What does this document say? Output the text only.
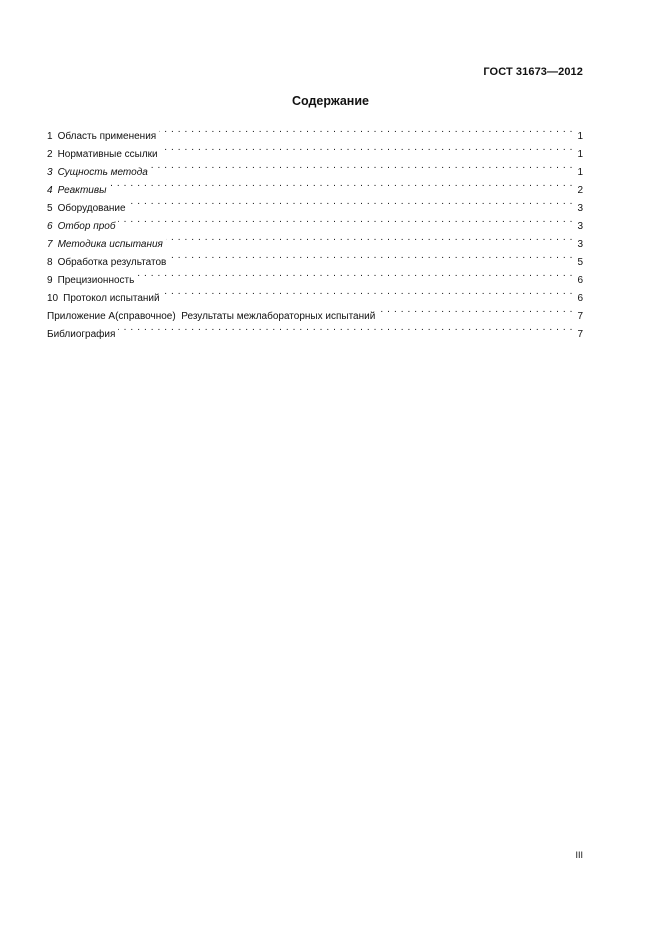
ГОСТ 31673—2012
Содержание
1 Область применения . . .	1
2 Нормативные ссылки . . .	1
3 Сущность метода . . .	1
4 Реактивы . . .	2
5 Оборудование . . .	3
6 Отбор проб . . .	3
7 Методика испытания . . .	3
8 Обработка результатов . . .	5
9 Прецизионность . . .	6
10 Протокол испытаний . . .	6
Приложение А(справочное)  Результаты межлабораторных испытаний . . .	7
Библиография . . .	7
III
